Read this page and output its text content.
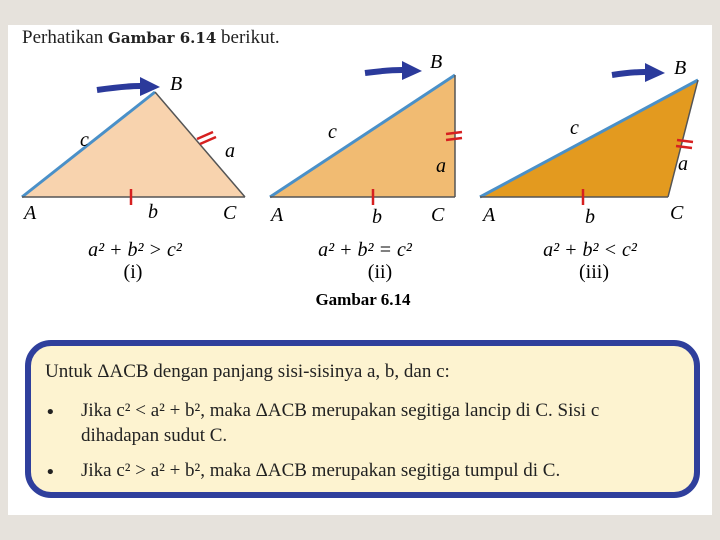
Perhatikan Gambar 6.14 berikut.
B
c	a
b
A	C
a² + b² > c²
(i)
B
c
a
b
A	C
a² + b² = c²
(ii)
B
c
a
b
A	C
a² + b² < c²
(iii)
Gambar 6.14
Untuk ΔACB dengan panjang sisi-sisinya a, b, dan c:
• Jika c² < a² + b², maka ΔACB merupakan segitiga lancip di C. Sisi c
dihadapan sudut C.
• Jika c² > a² + b², maka ΔACB merupakan segitiga tumpul di C.
